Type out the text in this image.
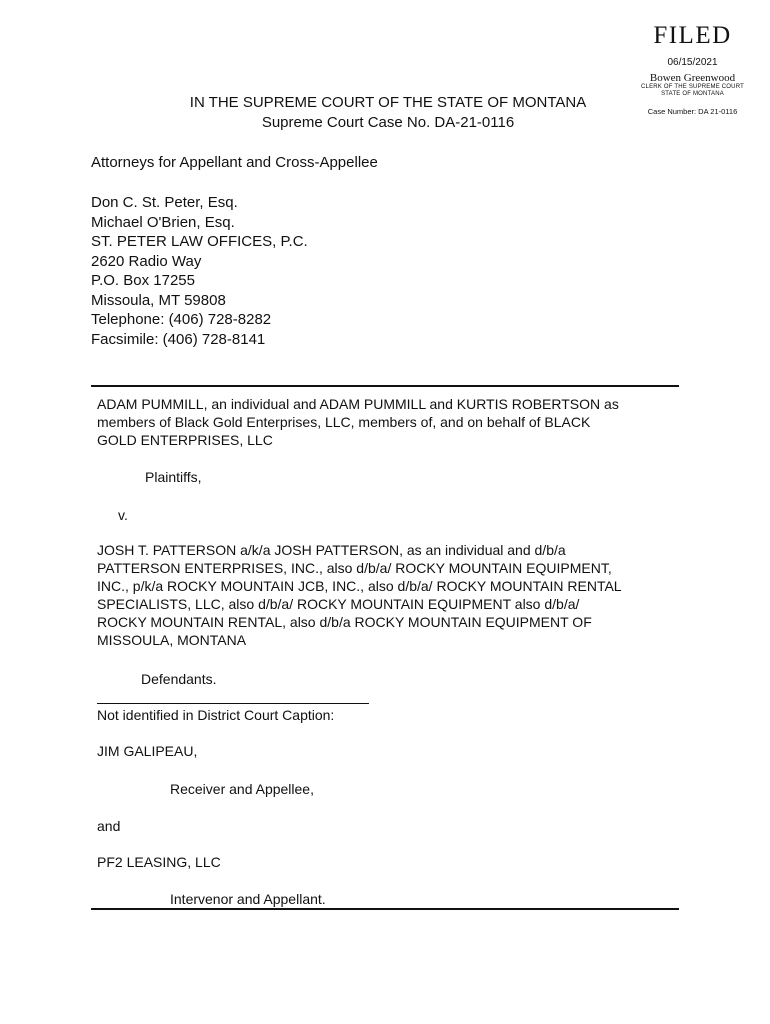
FILED
06/15/2021
Bowen Greenwood
CLERK OF THE SUPREME COURT
STATE OF MONTANA
Case Number: DA 21-0116
IN THE SUPREME COURT OF THE STATE OF MONTANA
Supreme Court Case No. DA-21-0116
Attorneys for Appellant and Cross-Appellee
Don C. St. Peter, Esq.
Michael O'Brien, Esq.
ST. PETER LAW OFFICES, P.C.
2620 Radio Way
P.O. Box 17255
Missoula, MT 59808
Telephone: (406) 728-8282
Facsimile: (406) 728-8141
ADAM PUMMILL, an individual and ADAM PUMMILL and KURTIS ROBERTSON as
members of Black Gold Enterprises, LLC, members of, and on behalf of BLACK
GOLD ENTERPRISES, LLC
Plaintiffs,
v.
JOSH T. PATTERSON a/k/a JOSH PATTERSON, as an individual and d/b/a
PATTERSON ENTERPRISES, INC., also d/b/a/ ROCKY MOUNTAIN EQUIPMENT,
INC., p/k/a ROCKY MOUNTAIN JCB, INC., also d/b/a/ ROCKY MOUNTAIN RENTAL
SPECIALISTS, LLC, also d/b/a/ ROCKY MOUNTAIN EQUIPMENT also d/b/a/
ROCKY MOUNTAIN RENTAL, also d/b/a ROCKY MOUNTAIN EQUIPMENT OF
MISSOULA, MONTANA
Defendants.
Not identified in District Court Caption:
JIM GALIPEAU,
Receiver and Appellee,
and
PF2 LEASING, LLC
Intervenor and Appellant.
